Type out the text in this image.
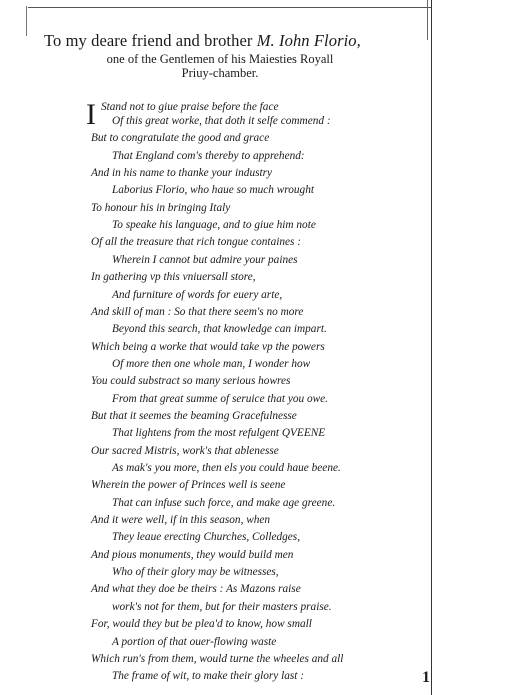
To my deare friend and brother M. Iohn Florio,
one of the Gentlemen of his Maiesties Royall
Priuy-chamber.
I Stand not to giue praise before the face
Of this great worke, that doth it selfe commend :
But to congratulate the good and grace
That England com's thereby to apprehend:
And in his name to thanke your industry
Laborius Florio, who haue so much wrought
To honour his in bringing Italy
To speake his language, and to giue him note
Of all the treasure that rich tongue containes :
Wherein I cannot but admire your paines
In gathering vp this vniuersall store,
And furniture of words for euery arte,
And skill of man : So that there seem's no more
Beyond this search, that knowledge can impart.
Which being a worke that would take vp the powers
Of more then one whole man, I wonder how
You could substract so many serious howres
From that great summe of seruice that you owe.
But that it seemes the beaming Gracefulnesse
That lightens from the most refulgent QVEENE
Our sacred Mistris, work's that ablenesse
As mak's you more, then els you could haue beene.
Wherein the power of Princes well is seene
That can infuse such force, and make age greene.
And it were well, if in this season, when
They leaue erecting Churches, Colledges,
And pious monuments, they would build men
Who of their glory may be witnesses,
And what they doe be theirs : As Mazons raise
work's not for them, but for their masters praise.
For, would they but be plea'd to know, how small
A portion of that ouer-flowing waste
Which run's from them, would turne the wheeles and all
The frame of wit, to make their glory last :	1
